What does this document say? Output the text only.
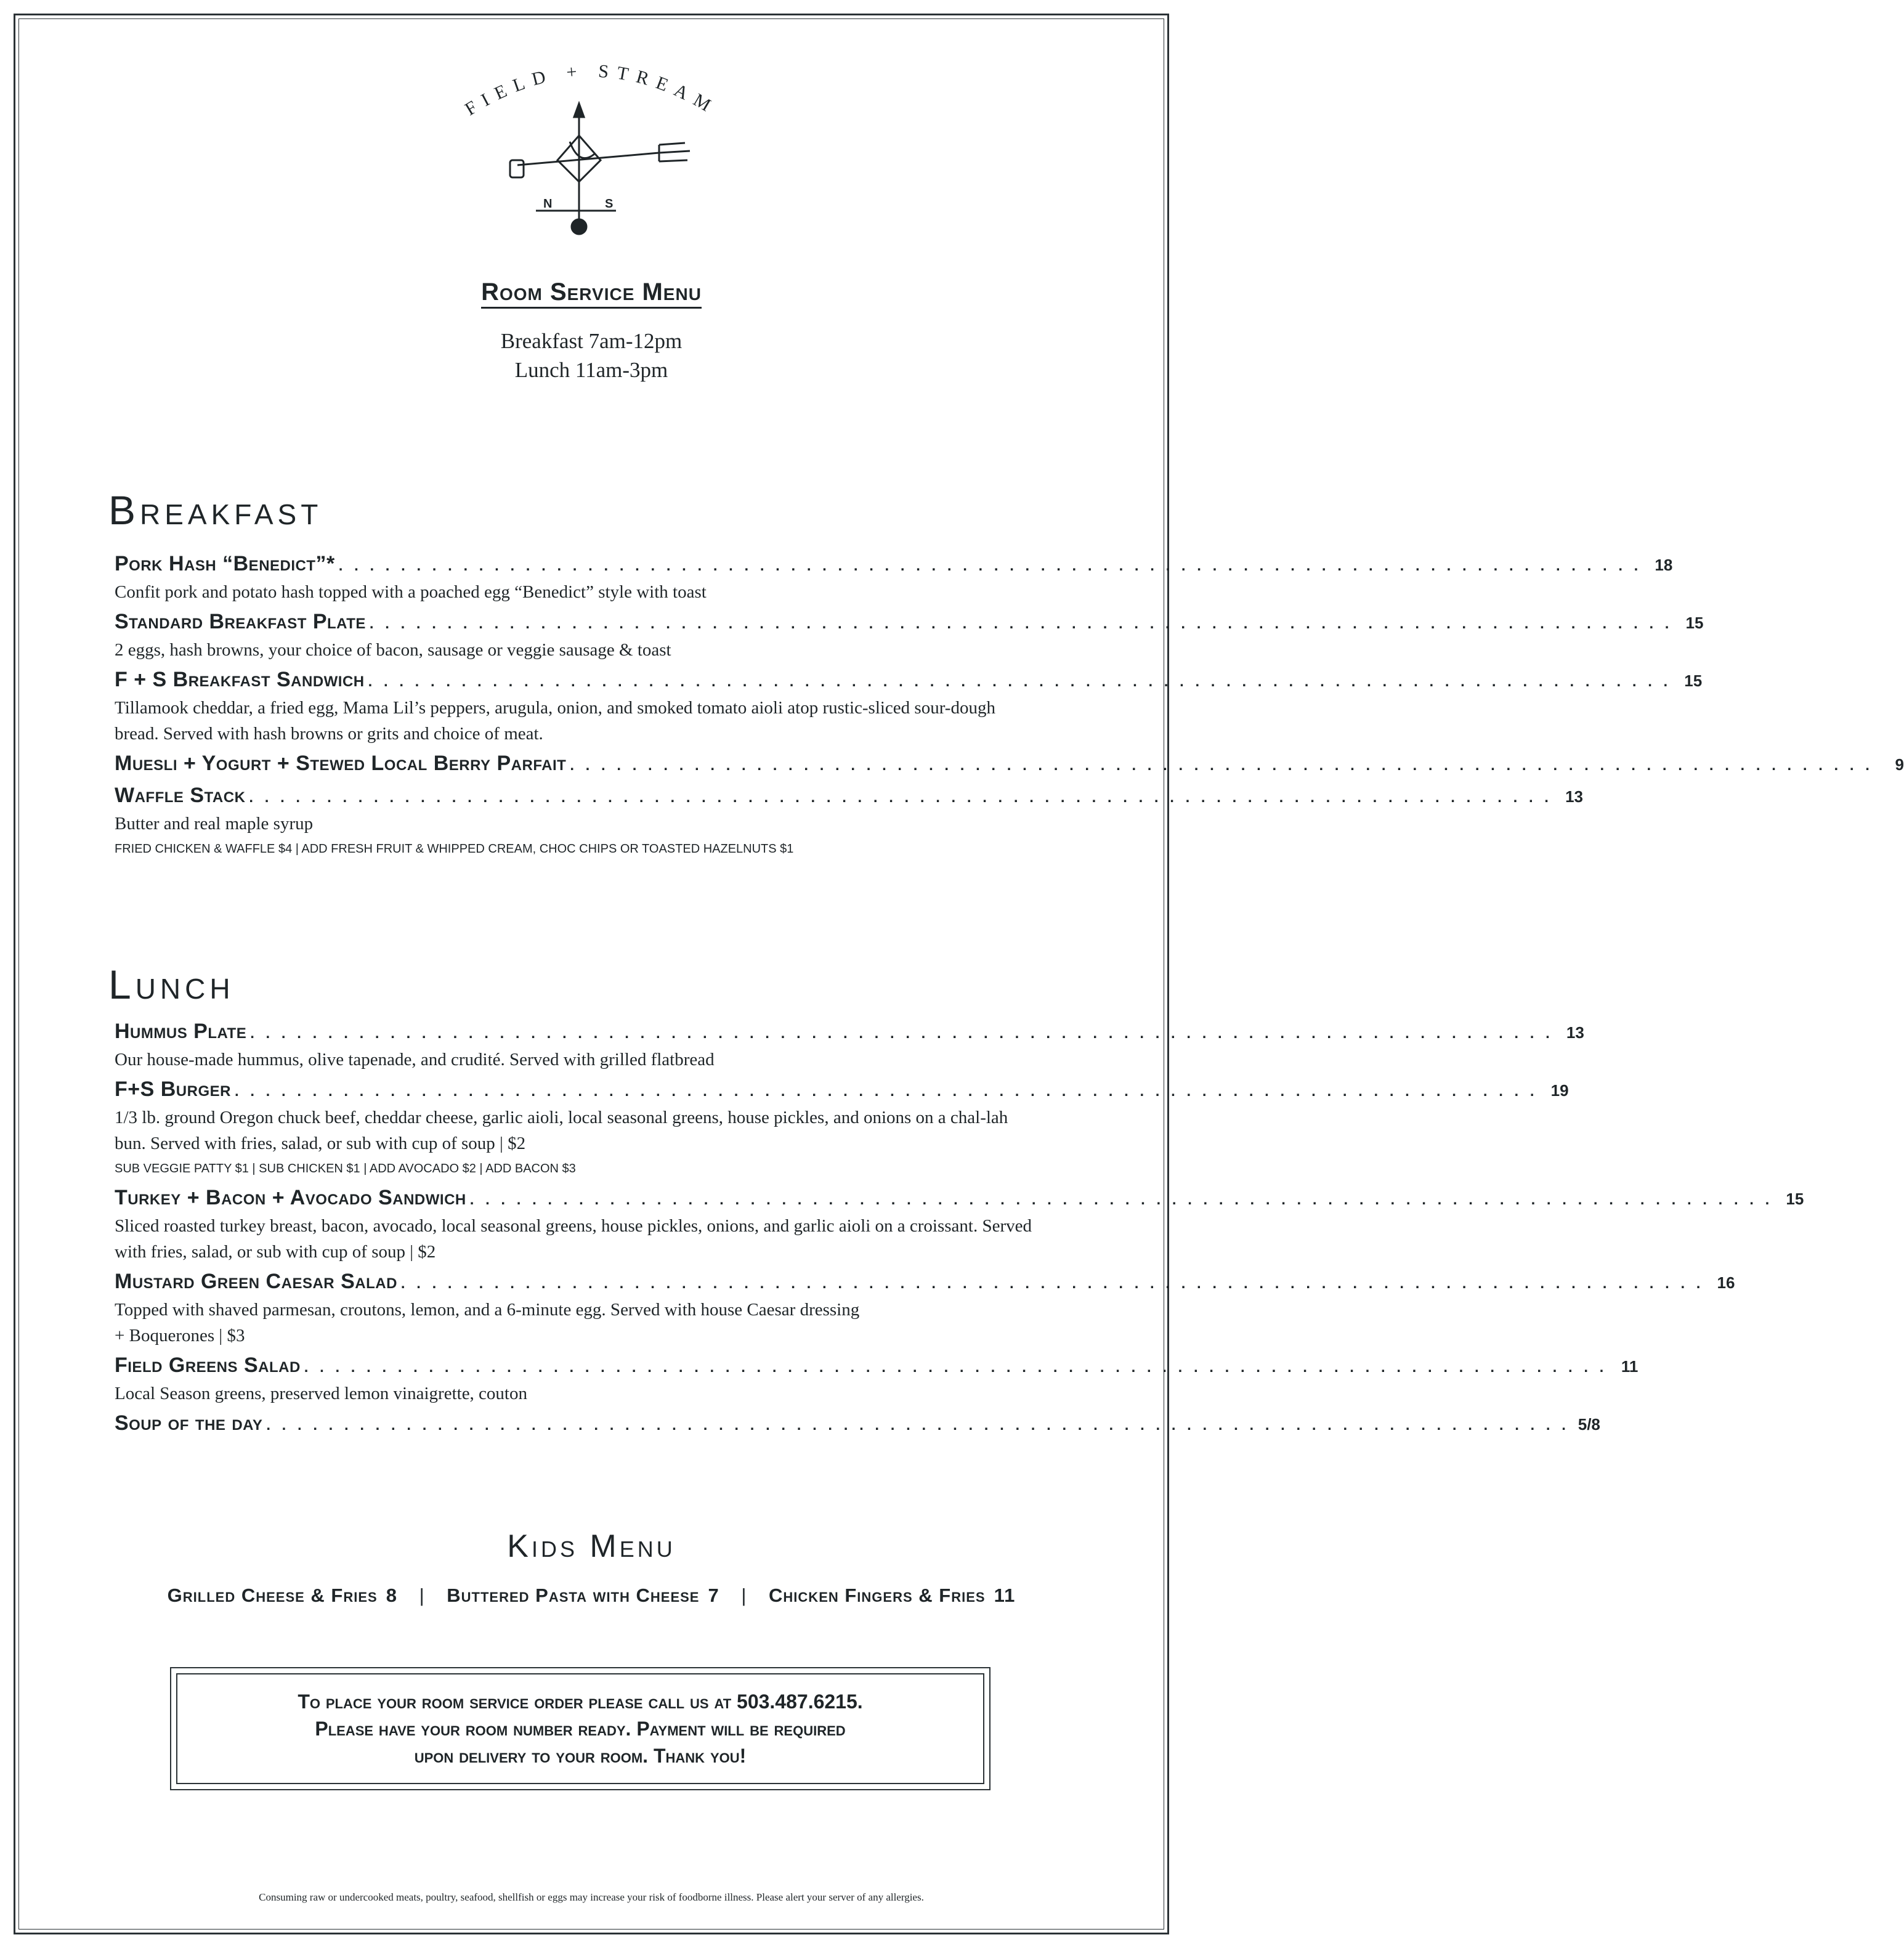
FIELD + STREAM
N	S
Room Service Menu
Breakfast 7am-12pm
Lunch 11am-3pm
Breakfast
Pork Hash “Benedict”* . . . . . . . . . . . . . . . . . . . . . . . . . . . . . . . . . . . . . . . . . . . . . . . . . . . . . . . . . . . . . . . . . . . . . . . . . . . . . . . . . . . . 18
Confit pork and potato hash topped with a poached egg “Benedict” style with toast
Standard Breakfast Plate . . . . . . . . . . . . . . . . . . . . . . . . . . . . . . . . . . . . . . . . . . . . . . . . . . . . . . . . . . . . . . . . . . . . . . . . . . . . . . . . . . . . 15
2 eggs, hash browns, your choice of bacon, sausage or veggie sausage & toast
F + S Breakfast Sandwich . . . . . . . . . . . . . . . . . . . . . . . . . . . . . . . . . . . . . . . . . . . . . . . . . . . . . . . . . . . . . . . . . . . . . . . . . . . . . . . . . . . . 15
Tillamook cheddar, a fried egg, Mama Lil’s peppers, arugula, onion, and smoked tomato aioli atop rustic-sliced sour-dough bread. Served with hash browns or grits and choice of meat.
Muesli + Yogurt + Stewed Local Berry Parfait . . . . . . . . . . . . . . . . . . . . . . . . . . . . . . . . . . . . . . . . . . . . . . . . . . . . . . . . . . . . . . . . . . . . . . . . . . . . . . . . . . . .	9
Waffle Stack . . . . . . . . . . . . . . . . . . . . . . . . . . . . . . . . . . . . . . . . . . . . . . . . . . . . . . . . . . . . . . . . . . . . . . . . . . . . . . . . . . . . 13
Butter and real maple syrup
FRIED CHICKEN & WAFFLE $4 | ADD FRESH FRUIT & WHIPPED CREAM, CHOC CHIPS OR TOASTED HAZELNUTS $1
Lunch
Hummus Plate . . . . . . . . . . . . . . . . . . . . . . . . . . . . . . . . . . . . . . . . . . . . . . . . . . . . . . . . . . . . . . . . . . . . . . . . . . . . . . . . . . . . 13
Our house-made hummus, olive tapenade, and crudité. Served with grilled flatbread
F+S Burger . . . . . . . . . . . . . . . . . . . . . . . . . . . . . . . . . . . . . . . . . . . . . . . . . . . . . . . . . . . . . . . . . . . . . . . . . . . . . . . . . . . . 19
1/3 lb. ground Oregon chuck beef, cheddar cheese, garlic aioli, local seasonal greens, house pickles, and onions on a chal-lah bun. Served with fries, salad, or sub with cup of soup | $2
SUB VEGGIE PATTY $1 | SUB CHICKEN $1 | ADD AVOCADO $2 | ADD BACON $3
Turkey + Bacon + Avocado Sandwich . . . . . . . . . . . . . . . . . . . . . . . . . . . . . . . . . . . . . . . . . . . . . . . . . . . . . . . . . . . . . . . . . . . . . . . . . . . . . . . . . . . . 15
Sliced roasted turkey breast, bacon, avocado, local seasonal greens, house pickles, onions, and garlic aioli on a croissant. Served with fries, salad, or sub with cup of soup | $2
Mustard Green Caesar Salad . . . . . . . . . . . . . . . . . . . . . . . . . . . . . . . . . . . . . . . . . . . . . . . . . . . . . . . . . . . . . . . . . . . . . . . . . . . . . . . . . . . . 16
Topped with shaved parmesan, croutons, lemon, and a 6-minute egg. Served with house Caesar dressing
+ Boquerones | $3
Field Greens Salad . . . . . . . . . . . . . . . . . . . . . . . . . . . . . . . . . . . . . . . . . . . . . . . . . . . . . . . . . . . . . . . . . . . . . . . . . . . . . . . . . . . . 11
Local Season greens, preserved lemon vinaigrette, couton
Soup of the day . . . . . . . . . . . . . . . . . . . . . . . . . . . . . . . . . . . . . . . . . . . . . . . . . . . . . . . . . . . . . . . . . . . . . . . . . . . . . . . . . . . . 5/8
Kids Menu
Grilled Cheese & Fries 8 | Buttered Pasta with Cheese 7 | Chicken Fingers & Fries 11
To place your room service order please call us at 503.487.6215.
Please have your room number ready. Payment will be required
upon delivery to your room. Thank you!
Consuming raw or undercooked meats, poultry, seafood, shellfish or eggs may increase your risk of foodborne illness. Please alert your server of any allergies.
